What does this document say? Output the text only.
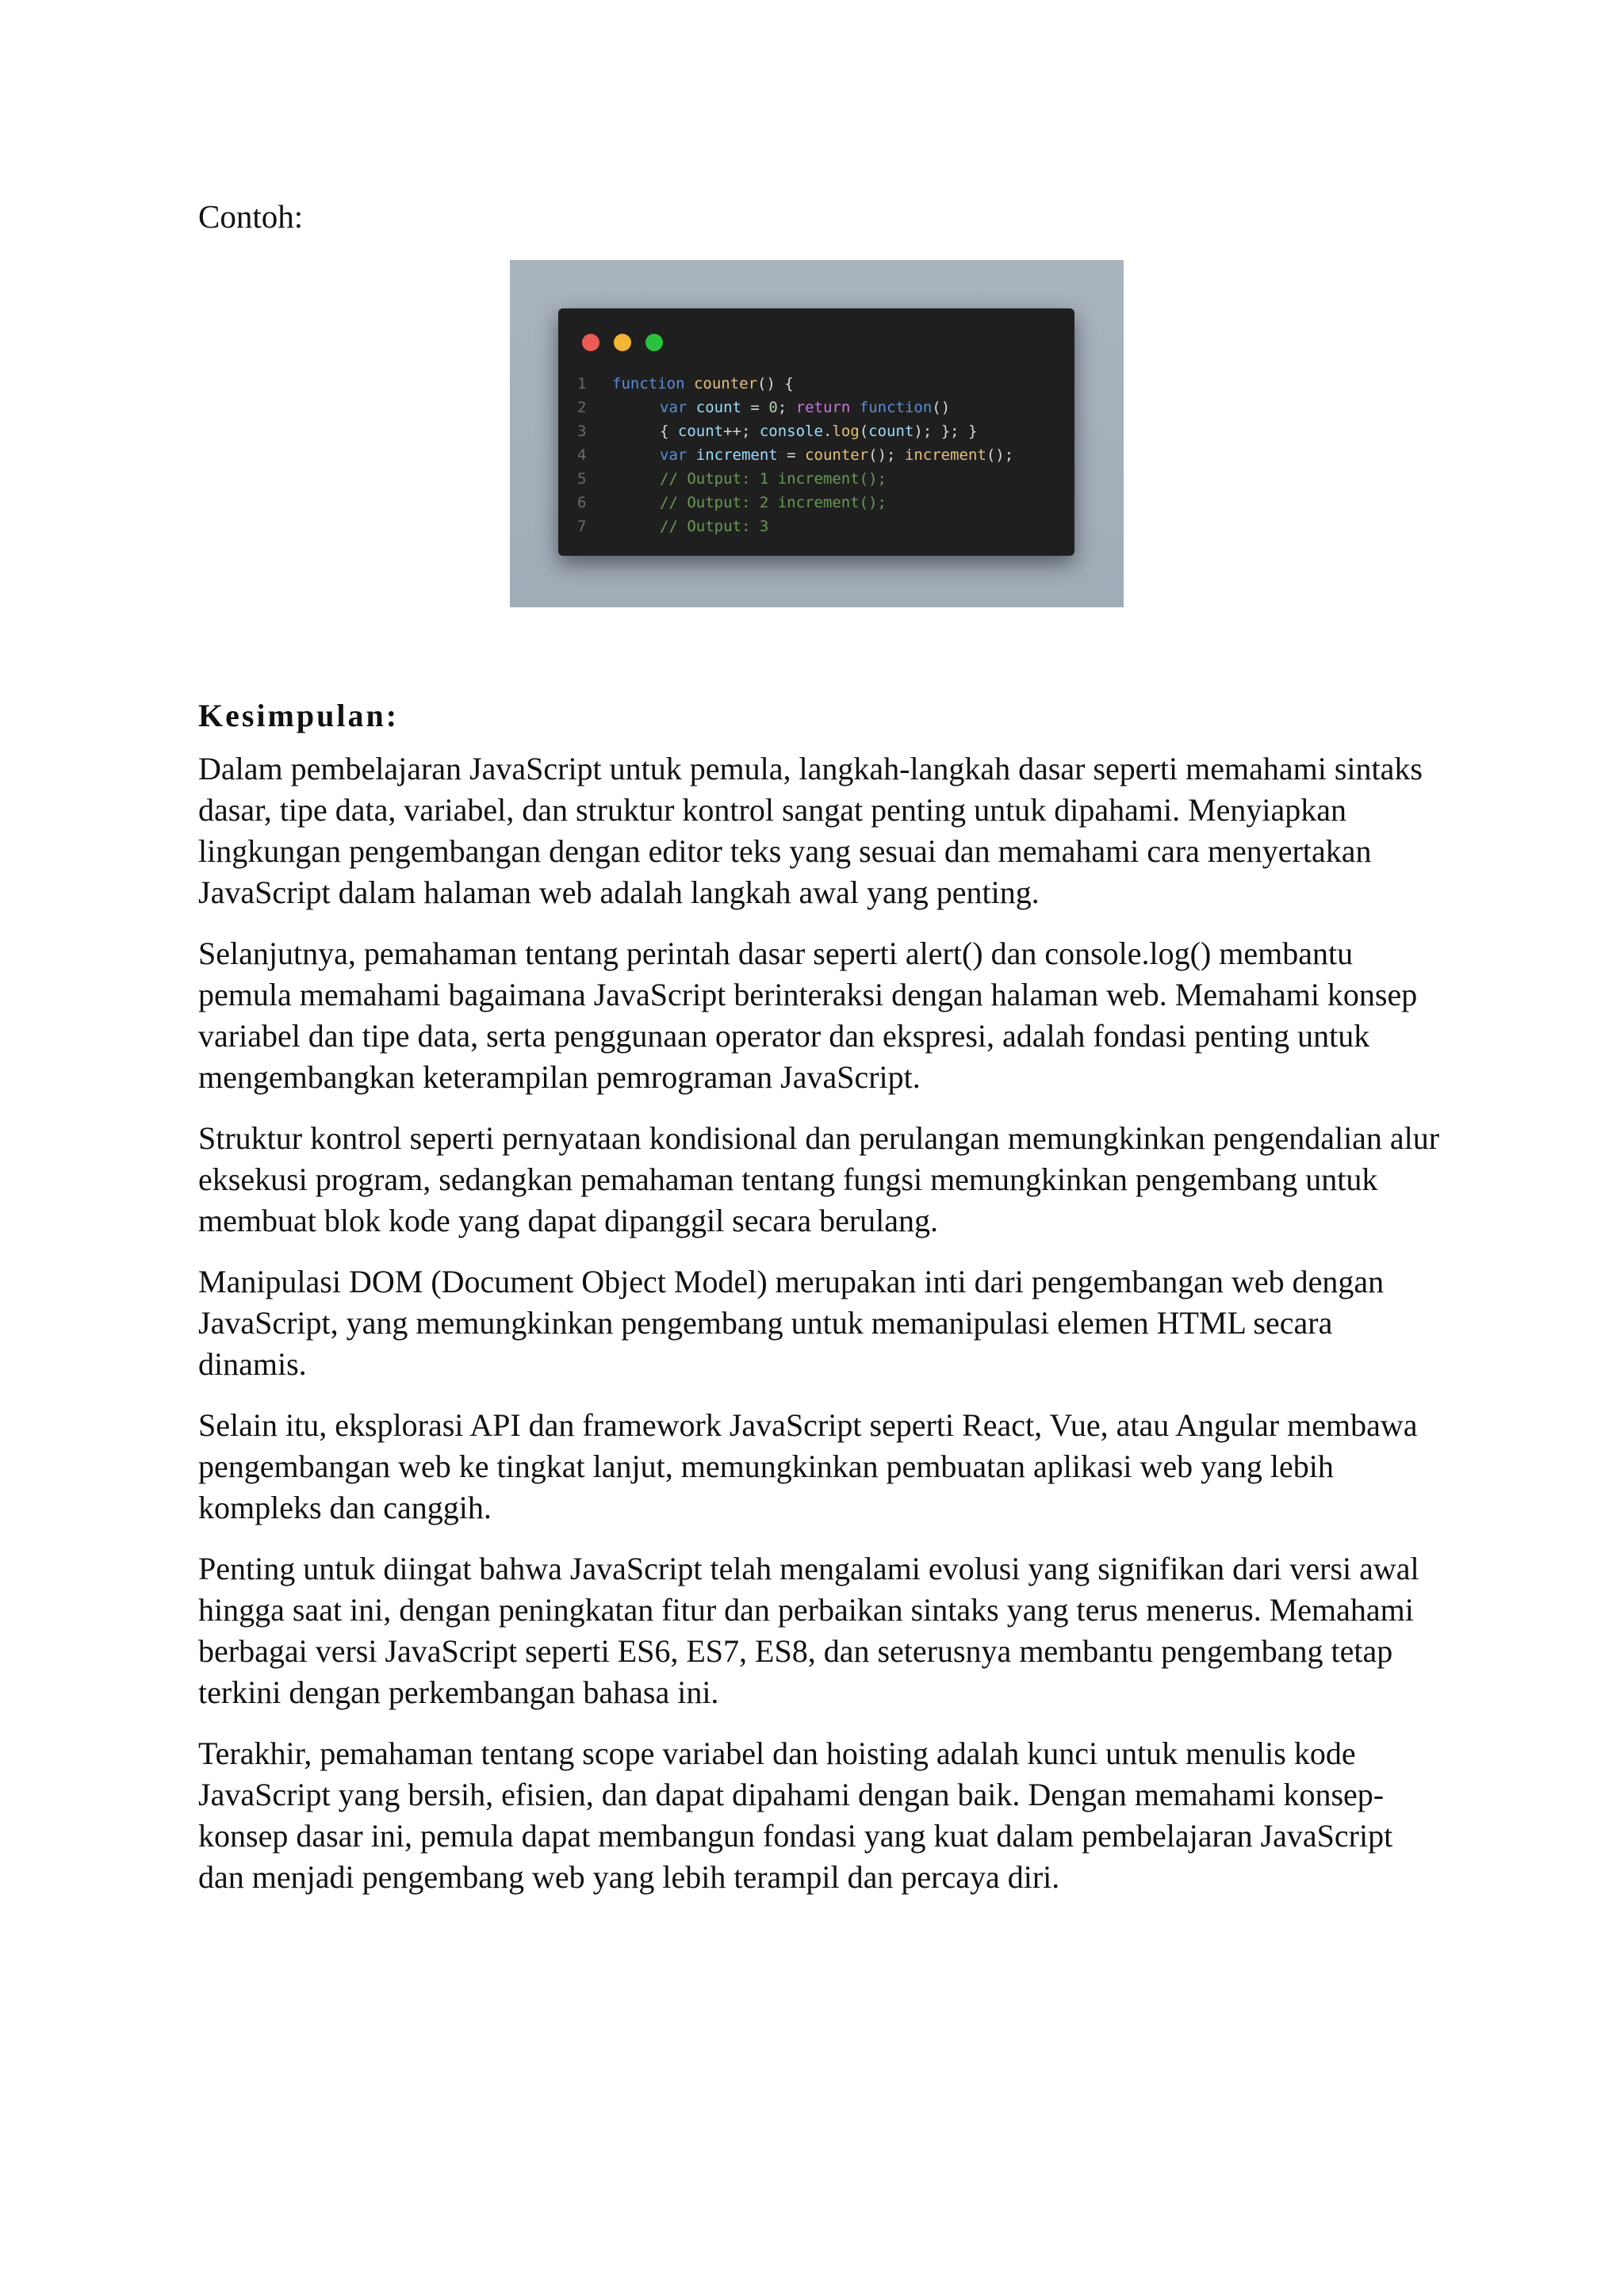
Contoh:
1	function counter() {
2	var count = 0; return function()
3	{ count++; console.log(count); }; }
4	var increment = counter(); increment();
5	// Output: 1 increment();
6	// Output: 2 increment();
7	// Output: 3
Kesimpulan:

Dalam pembelajaran JavaScript untuk pemula, langkah-langkah dasar seperti memahami sintaks dasar, tipe data, variabel, dan struktur kontrol sangat penting untuk dipahami. Menyiapkan lingkungan pengembangan dengan editor teks yang sesuai dan memahami cara menyertakan JavaScript dalam halaman web adalah langkah awal yang penting.

Selanjutnya, pemahaman tentang perintah dasar seperti alert() dan console.log() membantu pemula memahami bagaimana JavaScript berinteraksi dengan halaman web. Memahami konsep variabel dan tipe data, serta penggunaan operator dan ekspresi, adalah fondasi penting untuk mengembangkan keterampilan pemrograman JavaScript.

Struktur kontrol seperti pernyataan kondisional dan perulangan memungkinkan pengendalian alur eksekusi program, sedangkan pemahaman tentang fungsi memungkinkan pengembang untuk membuat blok kode yang dapat dipanggil secara berulang.

Manipulasi DOM (Document Object Model) merupakan inti dari pengembangan web dengan JavaScript, yang memungkinkan pengembang untuk memanipulasi elemen HTML secara dinamis.

Selain itu, eksplorasi API dan framework JavaScript seperti React, Vue, atau Angular membawa pengembangan web ke tingkat lanjut, memungkinkan pembuatan aplikasi web yang lebih kompleks dan canggih.

Penting untuk diingat bahwa JavaScript telah mengalami evolusi yang signifikan dari versi awal hingga saat ini, dengan peningkatan fitur dan perbaikan sintaks yang terus menerus. Memahami berbagai versi JavaScript seperti ES6, ES7, ES8, dan seterusnya membantu pengembang tetap terkini dengan perkembangan bahasa ini.

Terakhir, pemahaman tentang scope variabel dan hoisting adalah kunci untuk menulis kode JavaScript yang bersih, efisien, dan dapat dipahami dengan baik. Dengan memahami konsep-konsep dasar ini, pemula dapat membangun fondasi yang kuat dalam pembelajaran JavaScript dan menjadi pengembang web yang lebih terampil dan percaya diri.
